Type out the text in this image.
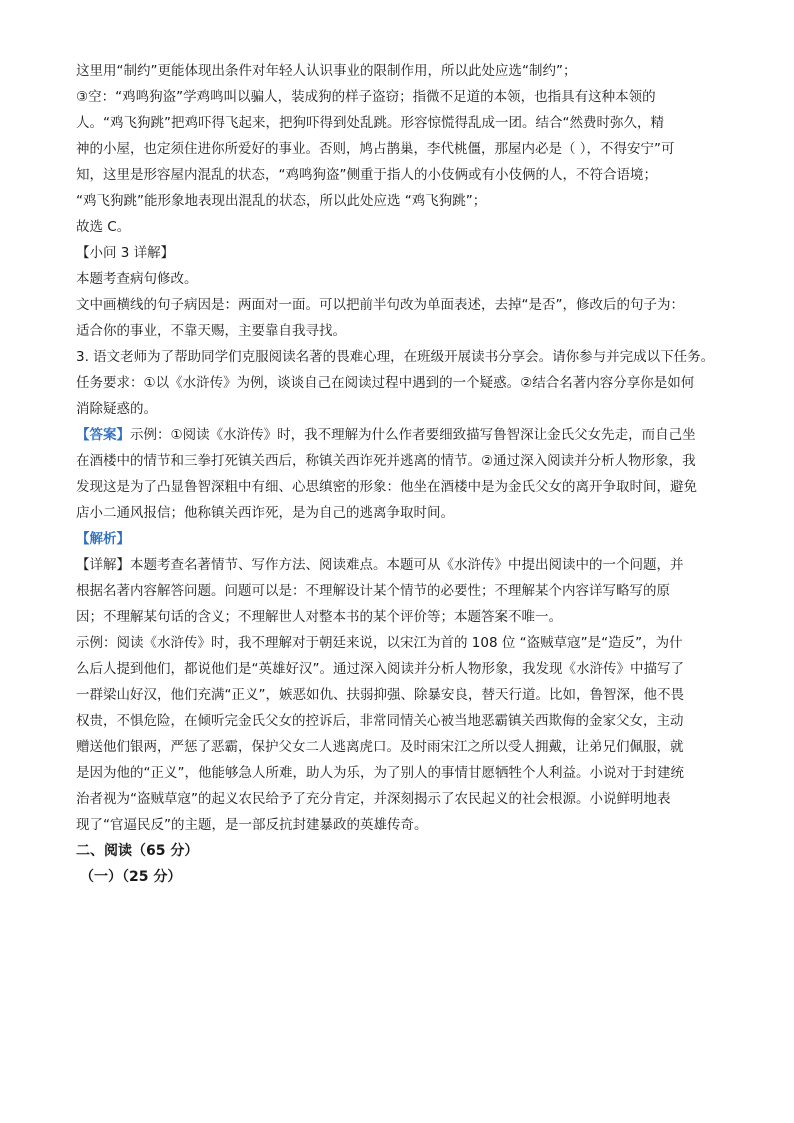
这里用“制约”更能体现出条件对年轻人认识事业的限制作用，所以此处应选“制约”；
③空：“鸡鸣狗盗”学鸡鸣叫以骗人，装成狗的样子盗窃；指微不足道的本领，也指具有这种本领的
人。“鸡飞狗跳”把鸡吓得飞起来，把狗吓得到处乱跳。形容惊慌得乱成一团。结合“然费时弥久，精
神的小屋，也定须住进你所爱好的事业。否则，鸠占鹊巢，李代桃僵，那屋内必是（ ），不得安宁”可
知，这里是形容屋内混乱的状态，“鸡鸣狗盗”侧重于指人的小伎俩或有小伎俩的人，不符合语境；
“鸡飞狗跳”能形象地表现出混乱的状态，所以此处应选 “鸡飞狗跳”；
故选 C。
【小问 3 详解】
本题考查病句修改。
文中画横线的句子病因是：两面对一面。可以把前半句改为单面表述，去掉“是否”，修改后的句子为：
适合你的事业，不靠天赐，主要靠自我寻找。
3. 语文老师为了帮助同学们克服阅读名著的畏难心理，在班级开展读书分享会。请你参与并完成以下任务。
任务要求：①以《水浒传》为例，谈谈自己在阅读过程中遇到的一个疑惑。②结合名著内容分享你是如何
消除疑惑的。
【答案】示例：①阅读《水浒传》时，我不理解为什么作者要细致描写鲁智深让金氏父女先走，而自己坐
在酒楼中的情节和三拳打死镇关西后，称镇关西诈死并逃离的情节。②通过深入阅读并分析人物形象，我
发现这是为了凸显鲁智深粗中有细、心思缜密的形象：他坐在酒楼中是为金氏父女的离开争取时间，避免
店小二通风报信；他称镇关西诈死，是为自己的逃离争取时间。
【解析】
【详解】本题考查名著情节、写作方法、阅读难点。本题可从《水浒传》中提出阅读中的一个问题，并
根据名著内容解答问题。问题可以是：不理解设计某个情节的必要性；不理解某个内容详写略写的原
因；不理解某句话的含义；不理解世人对整本书的某个评价等；本题答案不唯一。
示例：阅读《水浒传》时，我不理解对于朝廷来说，以宋江为首的 108 位 “盗贼草寇”是“造反”，为什
么后人提到他们，都说他们是“英雄好汉”。通过深入阅读并分析人物形象，我发现《水浒传》中描写了
一群梁山好汉，他们充满“正义”，嫉恶如仇、扶弱抑强、除暴安良，替天行道。比如，鲁智深，他不畏
权贵，不惧危险，在倾听完金氏父女的控诉后，非常同情关心被当地恶霸镇关西欺侮的金家父女，主动
赠送他们银两，严惩了恶霸，保护父女二人逃离虎口。及时雨宋江之所以受人拥戴，让弟兄们佩服，就
是因为他的“正义”，他能够急人所难，助人为乐，为了别人的事情甘愿牺牲个人利益。小说对于封建统
治者视为“盗贼草寇”的起义农民给予了充分肯定，并深刻揭示了农民起义的社会根源。小说鲜明地表
现了“官逼民反”的主题，是一部反抗封建暴政的英雄传奇。
二、阅读（65 分）
（一）（25 分）
